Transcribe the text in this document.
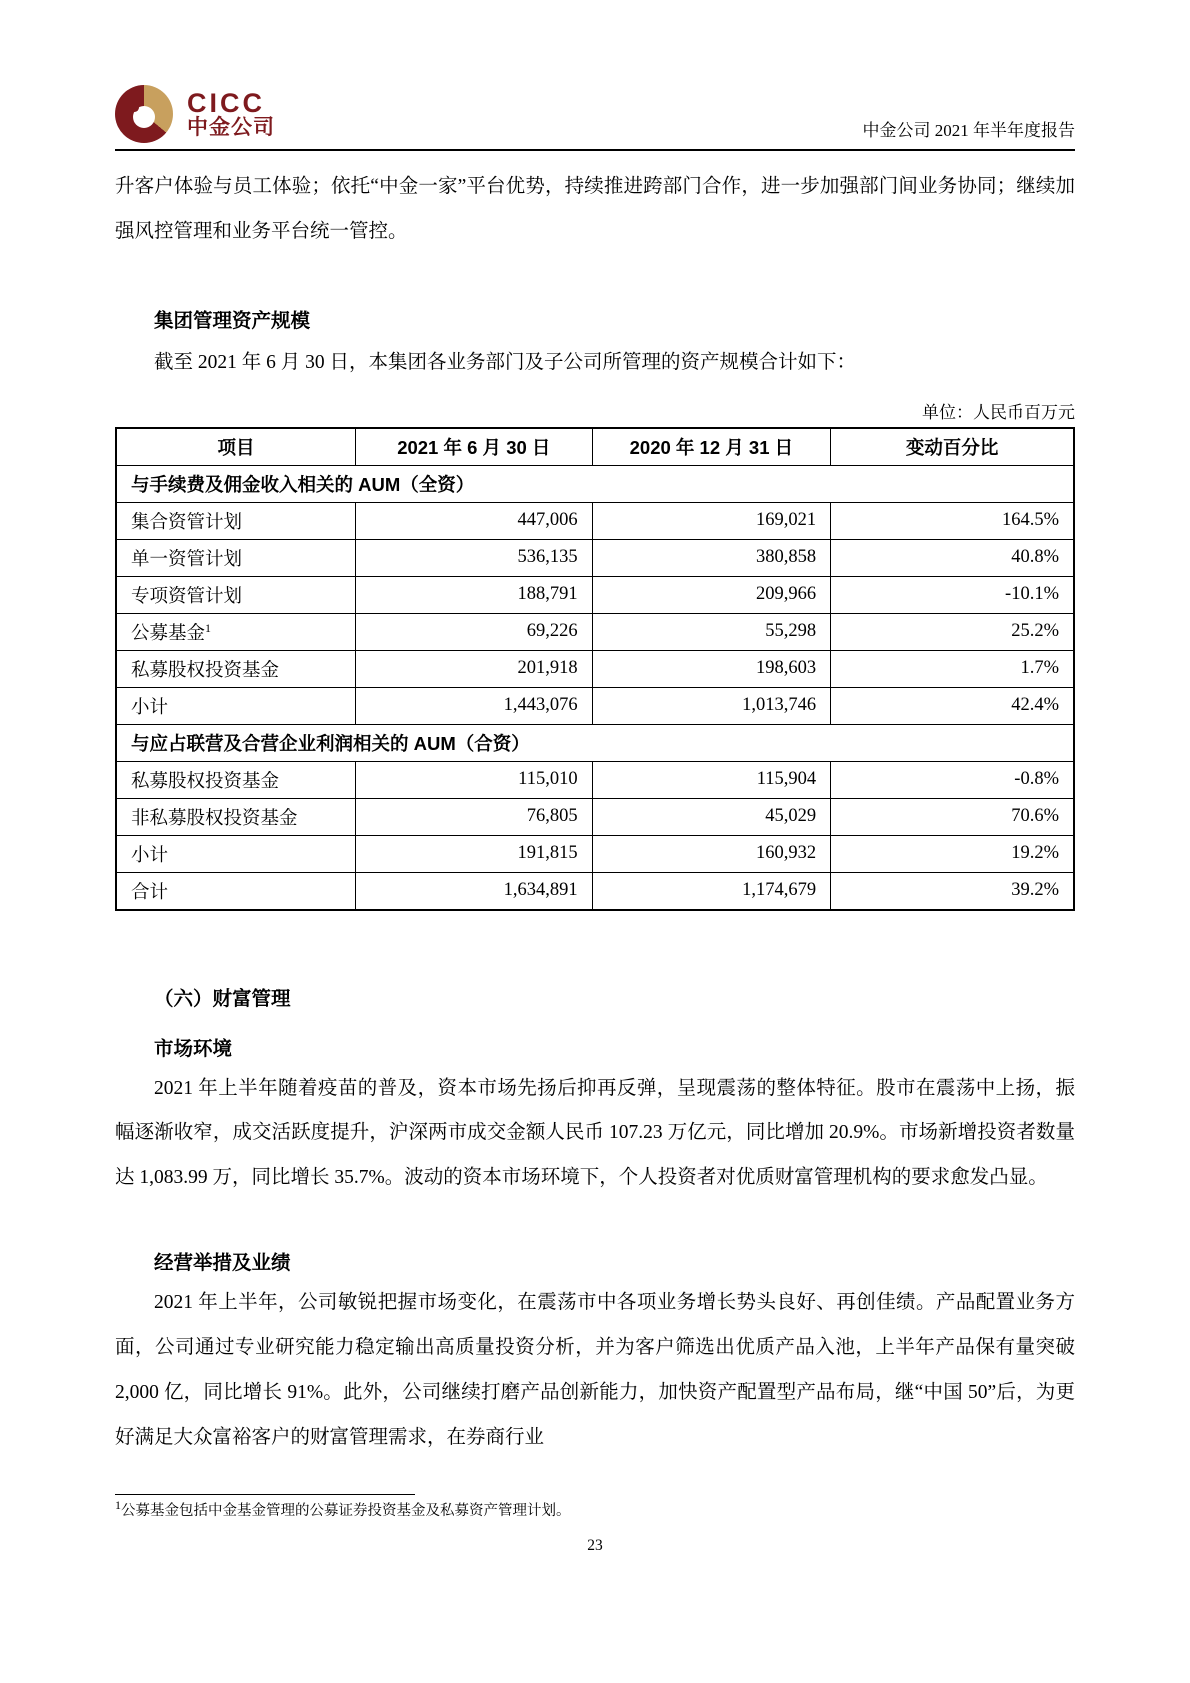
CICC
中金公司	中金公司 2021 年半年度报告

升客户体验与员工体验；依托“中金一家”平台优势，持续推进跨部门合作，进一步加强部门间业务协同；继续加强风控管理和业务平台统一管控。

集团管理资产规模

截至 2021 年 6 月 30 日，本集团各业务部门及子公司所管理的资产规模合计如下：

单位：人民币百万元

项目	2021 年 6 月 30 日	2020 年 12 月 31 日	变动百分比
与手续费及佣金收入相关的 AUM（全资）			
集合资管计划	447,006	169,021	164.5%
单一资管计划	536,135	380,858	40.8%
专项资管计划	188,791	209,966	-10.1%
公募基金$^1$	69,226	55,298	25.2%
私募股权投资基金	201,918	198,603	1.7%
小计	1,443,076	1,013,746	42.4%
与应占联营及合营企业利润相关的 AUM（合资）			
私募股权投资基金	115,010	115,904	-0.8%
非私募股权投资基金	76,805	45,029	70.6%
小计	191,815	160,932	19.2%
合计	1,634,891	1,174,679	39.2%

（六）财富管理

市场环境

2021 年上半年随着疫苗的普及，资本市场先扬后抑再反弹，呈现震荡的整体特征。股市在震荡中上扬，振幅逐渐收窄，成交活跃度提升，沪深两市成交金额人民币 107.23 万亿元，同比增加 20.9%。市场新增投资者数量达 1,083.99 万，同比增长 35.7%。波动的资本市场环境下，个人投资者对优质财富管理机构的要求愈发凸显。

经营举措及业绩

2021 年上半年，公司敏锐把握市场变化，在震荡市中各项业务增长势头良好、再创佳绩。产品配置业务方面，公司通过专业研究能力稳定输出高质量投资分析，并为客户筛选出优质产品入池，上半年产品保有量突破 2,000 亿，同比增长 91%。此外，公司继续打磨产品创新能力，加快资产配置型产品布局，继“中国 50”后，为更好满足大众富裕客户的财富管理需求，在券商行业

$^1$公募基金包括中金基金管理的公募证券投资基金及私募资产管理计划。

23
